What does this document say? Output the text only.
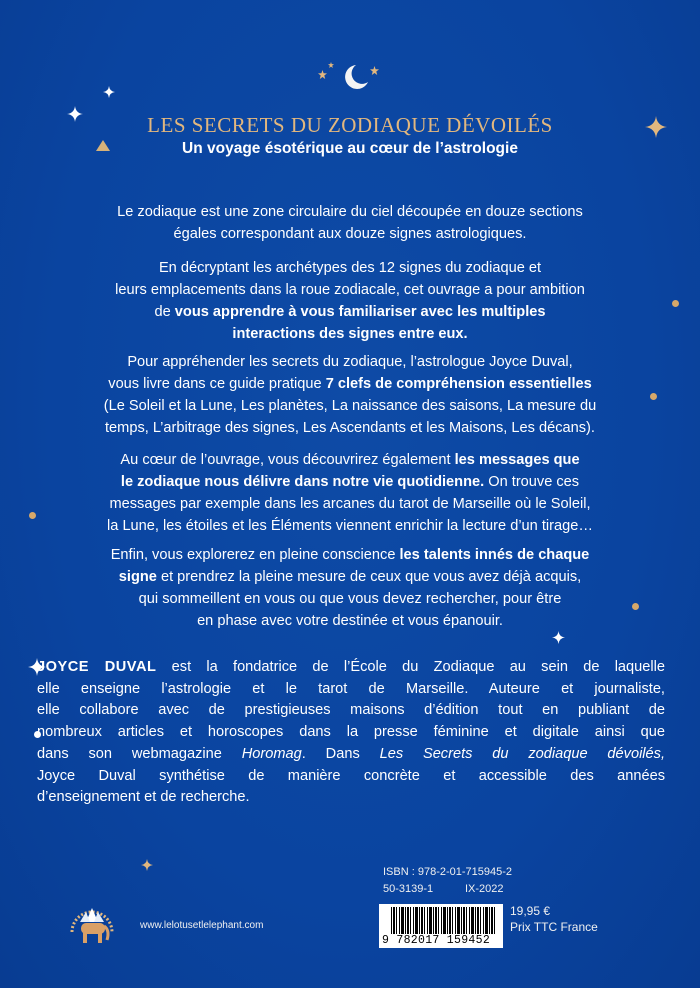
LES SECRETS DU ZODIAQUE DÉVOILÉS
Un voyage ésotérique au cœur de l’astrologie
Le zodiaque est une zone circulaire du ciel découpée en douze sections
égales correspondant aux douze signes astrologiques.
En décryptant les archétypes des 12 signes du zodiaque et
leurs emplacements dans la roue zodiacale, cet ouvrage a pour ambition
de vous apprendre à vous familiariser avec les multiples
interactions des signes entre eux.
Pour appréhender les secrets du zodiaque, l’astrologue Joyce Duval,
vous livre dans ce guide pratique 7 clefs de compréhension essentielles
(Le Soleil et la Lune, Les planètes, La naissance des saisons, La mesure du
temps, L’arbitrage des signes, Les Ascendants et les Maisons, Les décans).
Au cœur de l’ouvrage, vous découvrirez également les messages que
le zodiaque nous délivre dans notre vie quotidienne. On trouve ces
messages par exemple dans les arcanes du tarot de Marseille où le Soleil,
la Lune, les étoiles et les Éléments viennent enrichir la lecture d’un tirage…
Enfin, vous explorerez en pleine conscience les talents innés de chaque
signe et prendrez la pleine mesure de ceux que vous avez déjà acquis,
qui sommeillent en vous ou que vous devez rechercher, pour être
en phase avec votre destinée et vous épanouir.
JOYCE DUVAL est la fondatrice de l’École du Zodiaque au sein de laquelle
elle enseigne l’astrologie et le tarot de Marseille. Auteure et journaliste,
elle collabore avec de prestigieuses maisons d’édition tout en publiant de
nombreux articles et horoscopes dans la presse féminine et digitale ainsi que
dans son webmagazine Horomag. Dans Les Secrets du zodiaque dévoilés,
Joyce Duval synthétise de manière concrète et accessible des années
d’enseignement et de recherche.
www.lelotusetlelephant.com
ISBN : 978-2-01-715945-2
50-3139-1	IX-2022
9 782017 159452
19,95 €
Prix TTC France
